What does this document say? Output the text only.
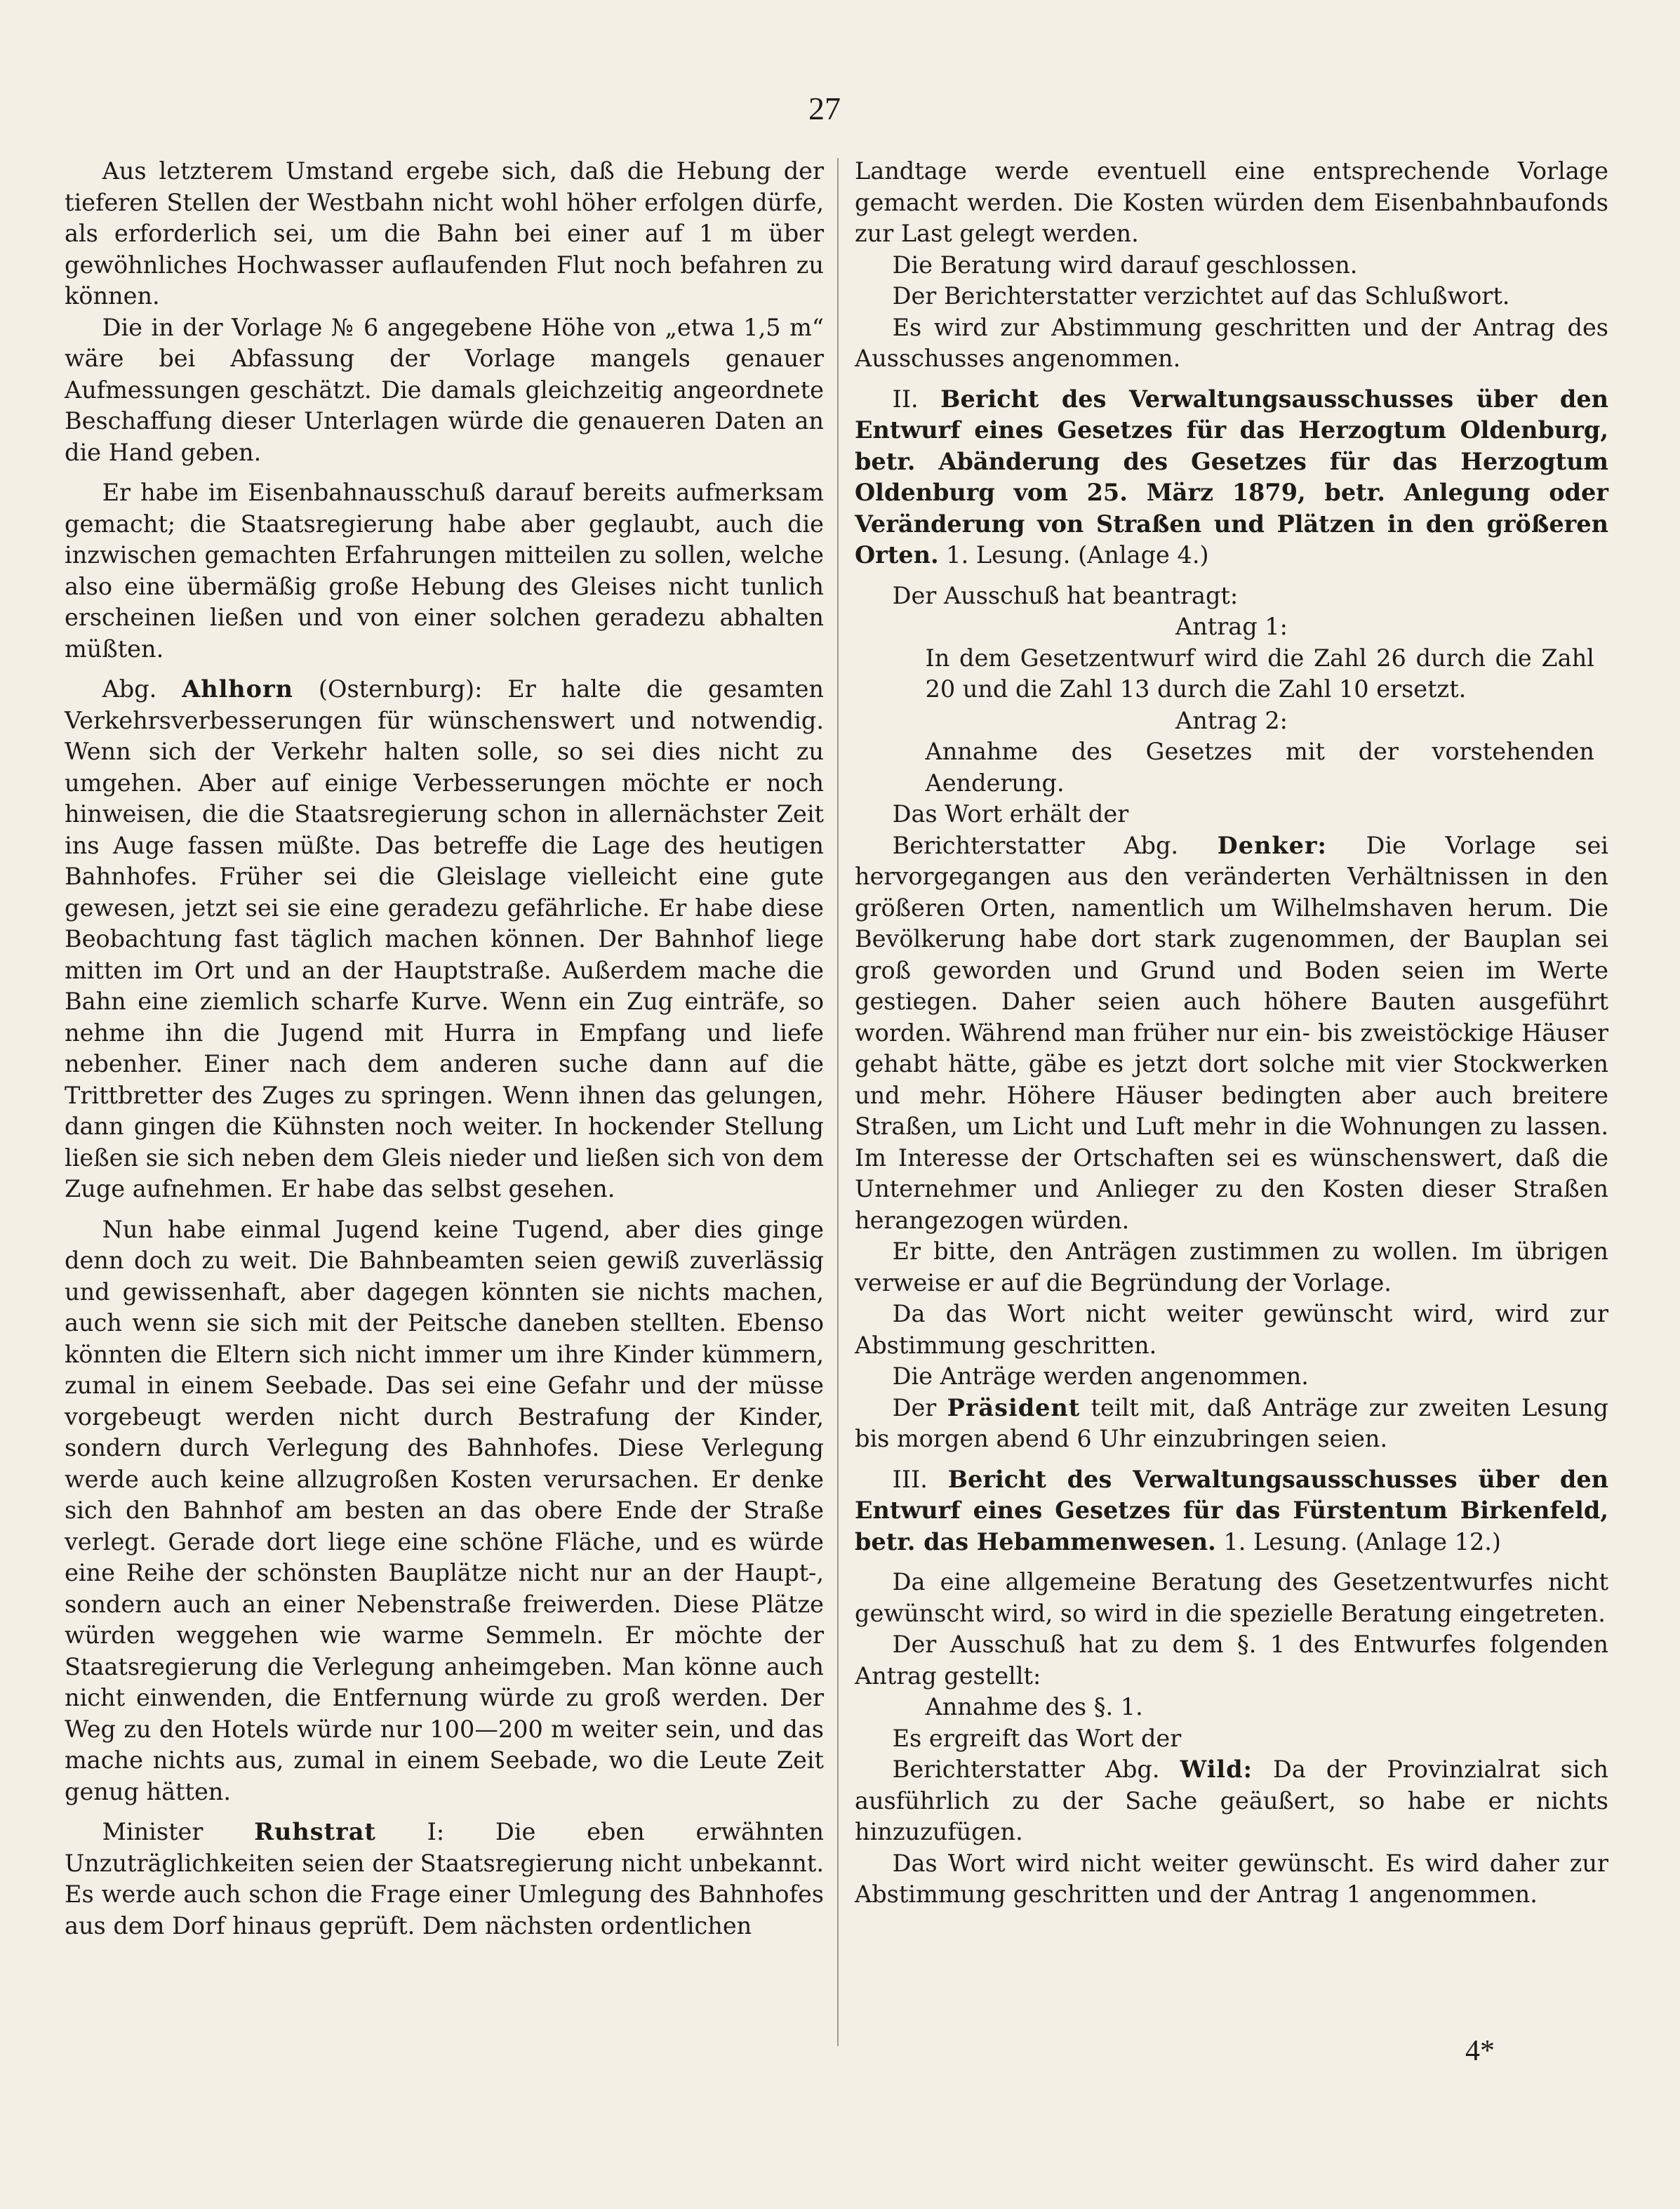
27

Aus letzterem Umstand ergebe sich, daß die Hebung der tieferen Stellen der Westbahn nicht wohl höher erfolgen dürfe, als erforderlich sei, um die Bahn bei einer auf 1 m über gewöhnliches Hochwasser auflaufenden Flut noch befahren zu können.

Die in der Vorlage № 6 angegebene Höhe von „etwa 1,5 m“ wäre bei Abfassung der Vorlage mangels genauer Aufmessungen geschätzt. Die damals gleichzeitig angeordnete Beschaffung dieser Unterlagen würde die genaueren Daten an die Hand geben.

Er habe im Eisenbahnausschuß darauf bereits aufmerksam gemacht; die Staatsregierung habe aber geglaubt, auch die inzwischen gemachten Erfahrungen mitteilen zu sollen, welche also eine übermäßig große Hebung des Gleises nicht tunlich erscheinen ließen und von einer solchen geradezu abhalten müßten.

Abg. Ahlhorn (Osternburg): Er halte die gesamten Verkehrsverbesserungen für wünschenswert und notwendig. Wenn sich der Verkehr halten solle, so sei dies nicht zu umgehen. Aber auf einige Verbesserungen möchte er noch hinweisen, die die Staatsregierung schon in allernächster Zeit ins Auge fassen müßte. Das betreffe die Lage des heutigen Bahnhofes. Früher sei die Gleislage vielleicht eine gute gewesen, jetzt sei sie eine geradezu gefährliche. Er habe diese Beobachtung fast täglich machen können. Der Bahnhof liege mitten im Ort und an der Hauptstraße. Außerdem mache die Bahn eine ziemlich scharfe Kurve. Wenn ein Zug einträfe, so nehme ihn die Jugend mit Hurra in Empfang und liefe nebenher. Einer nach dem anderen suche dann auf die Trittbretter des Zuges zu springen. Wenn ihnen das gelungen, dann gingen die Kühnsten noch weiter. In hockender Stellung ließen sie sich neben dem Gleis nieder und ließen sich von dem Zuge aufnehmen. Er habe das selbst gesehen.

Nun habe einmal Jugend keine Tugend, aber dies ginge denn doch zu weit. Die Bahnbeamten seien gewiß zuverlässig und gewissenhaft, aber dagegen könnten sie nichts machen, auch wenn sie sich mit der Peitsche daneben stellten. Ebenso könnten die Eltern sich nicht immer um ihre Kinder kümmern, zumal in einem Seebade. Das sei eine Gefahr und der müsse vorgebeugt werden nicht durch Bestrafung der Kinder, sondern durch Verlegung des Bahnhofes. Diese Verlegung werde auch keine allzugroßen Kosten verursachen. Er denke sich den Bahnhof am besten an das obere Ende der Straße verlegt. Gerade dort liege eine schöne Fläche, und es würde eine Reihe der schönsten Bauplätze nicht nur an der Haupt-, sondern auch an einer Nebenstraße freiwerden. Diese Plätze würden weggehen wie warme Semmeln. Er möchte der Staatsregierung die Verlegung anheimgeben. Man könne auch nicht einwenden, die Entfernung würde zu groß werden. Der Weg zu den Hotels würde nur 100—200 m weiter sein, und das mache nichts aus, zumal in einem Seebade, wo die Leute Zeit genug hätten.

Minister Ruhstrat I: Die eben erwähnten Unzuträglichkeiten seien der Staatsregierung nicht unbekannt. Es werde auch schon die Frage einer Umlegung des Bahnhofes aus dem Dorf hinaus geprüft. Dem nächsten ordentlichen

Landtage werde eventuell eine entsprechende Vorlage gemacht werden. Die Kosten würden dem Eisenbahnbaufonds zur Last gelegt werden.

Die Beratung wird darauf geschlossen.

Der Berichterstatter verzichtet auf das Schlußwort.

Es wird zur Abstimmung geschritten und der Antrag des Ausschusses angenommen.

II. Bericht des Verwaltungsausschusses über den Entwurf eines Gesetzes für das Herzogtum Oldenburg, betr. Abänderung des Gesetzes für das Herzogtum Oldenburg vom 25. März 1879, betr. Anlegung oder Veränderung von Straßen und Plätzen in den größeren Orten. 1. Lesung. (Anlage 4.)

Der Ausschuß hat beantragt:

Antrag 1:

In dem Gesetzentwurf wird die Zahl 26 durch die Zahl 20 und die Zahl 13 durch die Zahl 10 ersetzt.

Antrag 2:

Annahme des Gesetzes mit der vorstehenden Aenderung.

Das Wort erhält der

Berichterstatter Abg. Denker: Die Vorlage sei hervorgegangen aus den veränderten Verhältnissen in den größeren Orten, namentlich um Wilhelmshaven herum. Die Bevölkerung habe dort stark zugenommen, der Bauplan sei groß geworden und Grund und Boden seien im Werte gestiegen. Daher seien auch höhere Bauten ausgeführt worden. Während man früher nur ein- bis zweistöckige Häuser gehabt hätte, gäbe es jetzt dort solche mit vier Stockwerken und mehr. Höhere Häuser bedingten aber auch breitere Straßen, um Licht und Luft mehr in die Wohnungen zu lassen. Im Interesse der Ortschaften sei es wünschenswert, daß die Unternehmer und Anlieger zu den Kosten dieser Straßen herangezogen würden.

Er bitte, den Anträgen zustimmen zu wollen. Im übrigen verweise er auf die Begründung der Vorlage.

Da das Wort nicht weiter gewünscht wird, wird zur Abstimmung geschritten.

Die Anträge werden angenommen.

Der Präsident teilt mit, daß Anträge zur zweiten Lesung bis morgen abend 6 Uhr einzubringen seien.

III. Bericht des Verwaltungsausschusses über den Entwurf eines Gesetzes für das Fürstentum Birkenfeld, betr. das Hebammenwesen. 1. Lesung. (Anlage 12.)

Da eine allgemeine Beratung des Gesetzentwurfes nicht gewünscht wird, so wird in die spezielle Beratung eingetreten.

Der Ausschuß hat zu dem §. 1 des Entwurfes folgenden Antrag gestellt:

Annahme des §. 1.

Es ergreift das Wort der

Berichterstatter Abg. Wild: Da der Provinzialrat sich ausführlich zu der Sache geäußert, so habe er nichts hinzuzufügen.

Das Wort wird nicht weiter gewünscht. Es wird daher zur Abstimmung geschritten und der Antrag 1 angenommen.

4*
